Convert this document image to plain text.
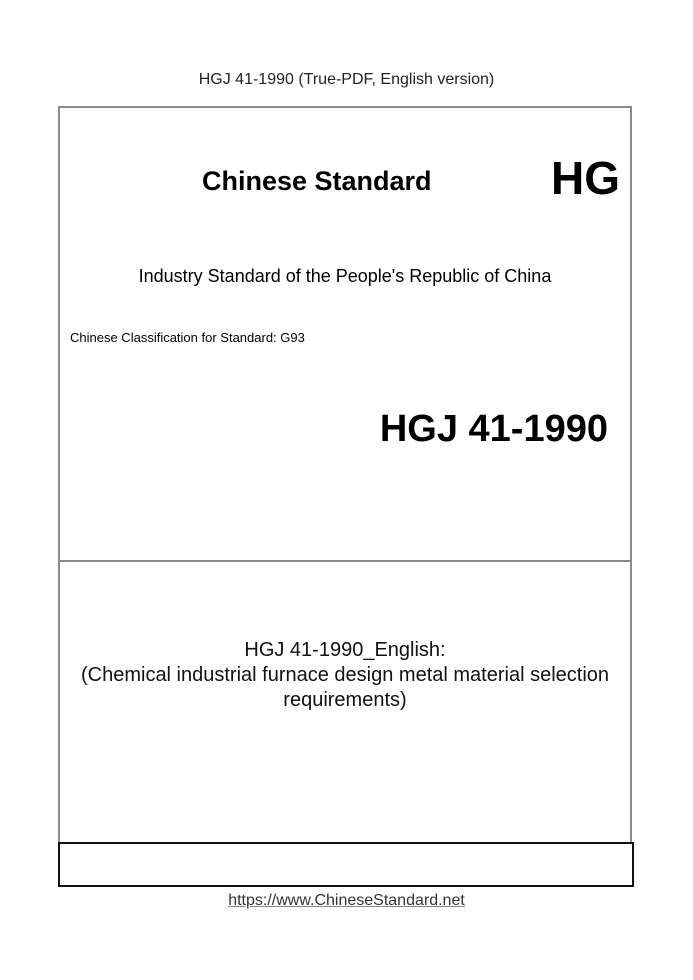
HGJ 41-1990 (True-PDF, English version)
Chinese Standard	HG
Industry Standard of the People's Republic of China
Chinese Classification for Standard: G93
HGJ 41-1990
HGJ 41-1990_English:
(Chemical industrial furnace design metal material selection
requirements)
https://www.ChineseStandard.net
